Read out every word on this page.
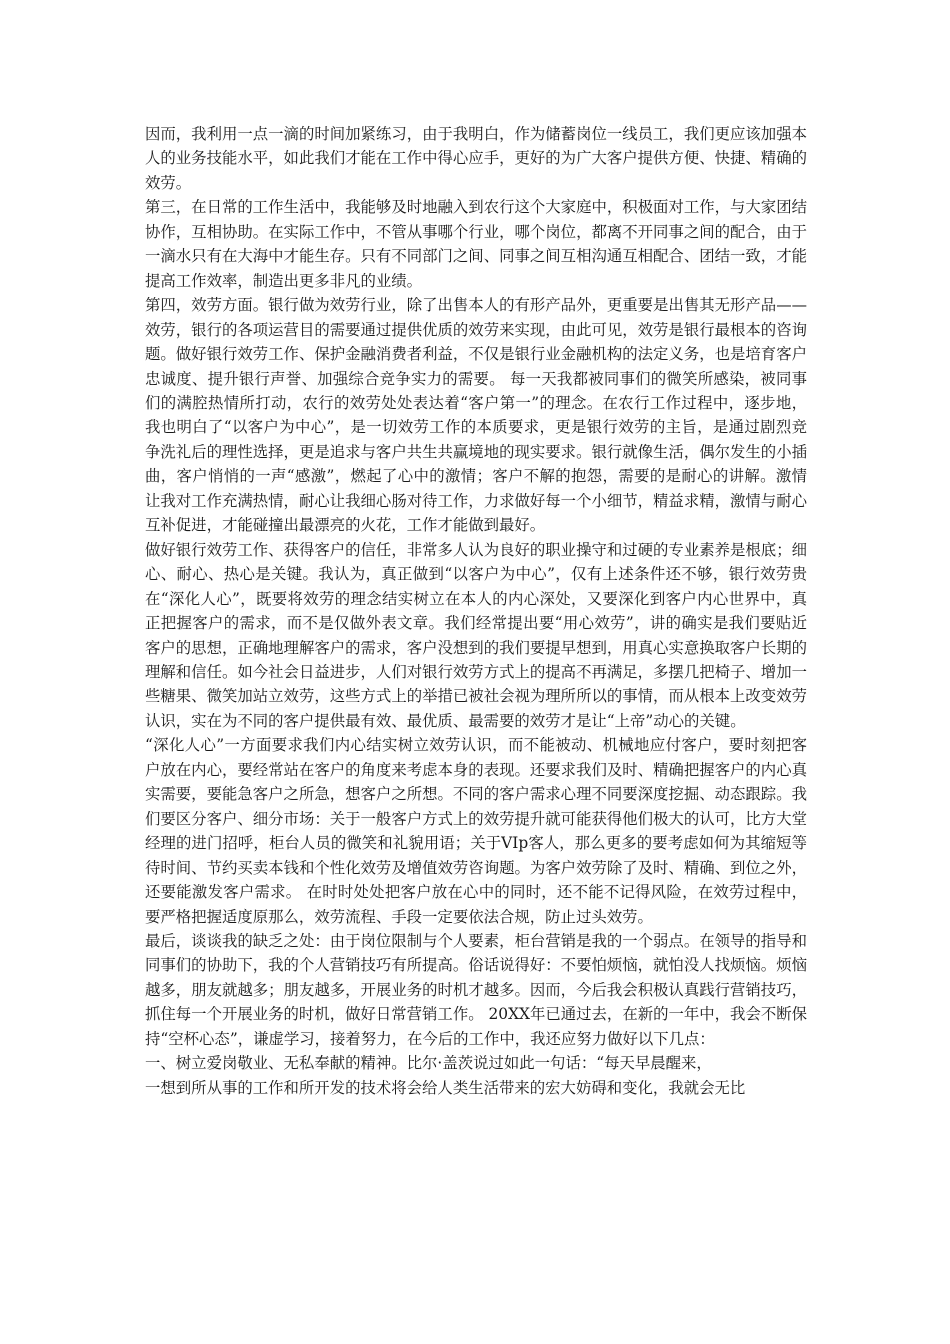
因而，我利用一点一滴的时间加紧练习，由于我明白，作为储蓄岗位一线员工，我们更应该加强本人的业务技能水平，如此我们才能在工作中得心应手，更好的为广大客户提供方便、快捷、精确的效劳。

第三，在日常的工作生活中，我能够及时地融入到农行这个大家庭中，积极面对工作，与大家团结协作，互相协助。在实际工作中，不管从事哪个行业，哪个岗位，都离不开同事之间的配合，由于一滴水只有在大海中才能生存。只有不同部门之间、同事之间互相沟通互相配合、团结一致，才能提高工作效率，制造出更多非凡的业绩。

第四，效劳方面。银行做为效劳行业，除了出售本人的有形产品外，更重要是出售其无形产品——效劳，银行的各项运营目的需要通过提供优质的效劳来实现，由此可见，效劳是银行最根本的咨询题。做好银行效劳工作、保护金融消费者利益，不仅是银行业金融机构的法定义务，也是培育客户忠诚度、提升银行声誉、加强综合竞争实力的需要。 每一天我都被同事们的微笑所感染，被同事们的满腔热情所打动，农行的效劳处处表达着“客户第一”的理念。在农行工作过程中，逐步地，我也明白了“以客户为中心”，是一切效劳工作的本质要求，更是银行效劳的主旨，是通过剧烈竞争洗礼后的理性选择，更是追求与客户共生共赢境地的现实要求。银行就像生活，偶尔发生的小插曲，客户悄悄的一声“感激”，燃起了心中的激情；客户不解的抱怨，需要的是耐心的讲解。激情让我对工作充满热情，耐心让我细心肠对待工作，力求做好每一个小细节，精益求精，激情与耐心互补促进，才能碰撞出最漂亮的火花，工作才能做到最好。

做好银行效劳工作、获得客户的信任，非常多人认为良好的职业操守和过硬的专业素养是根底；细心、耐心、热心是关键。我认为，真正做到“以客户为中心”，仅有上述条件还不够，银行效劳贵在“深化人心”，既要将效劳的理念结实树立在本人的内心深处，又要深化到客户内心世界中，真正把握客户的需求，而不是仅做外表文章。我们经常提出要“用心效劳”，讲的确实是我们要贴近客户的思想，正确地理解客户的需求，客户没想到的我们要提早想到，用真心实意换取客户长期的理解和信任。如今社会日益进步，人们对银行效劳方式上的提高不再满足，多摆几把椅子、增加一些糖果、微笑加站立效劳，这些方式上的举措已被社会视为理所所以的事情，而从根本上改变效劳认识，实在为不同的客户提供最有效、最优质、最需要的效劳才是让“上帝”动心的关键。

“深化人心”一方面要求我们内心结实树立效劳认识，而不能被动、机械地应付客户，要时刻把客户放在内心，要经常站在客户的角度来考虑本身的表现。还要求我们及时、精确把握客户的内心真实需要，要能急客户之所急，想客户之所想。不同的客户需求心理不同要深度挖掘、动态跟踪。我们要区分客户、细分市场：关于一般客户方式上的效劳提升就可能获得他们极大的认可，比方大堂经理的进门招呼，柜台人员的微笑和礼貌用语；关于VIp客人，那么更多的要考虑如何为其缩短等待时间、节约买卖本钱和个性化效劳及增值效劳咨询题。为客户效劳除了及时、精确、到位之外，还要能激发客户需求。 在时时处处把客户放在心中的同时，还不能不记得风险，在效劳过程中，要严格把握适度原那么，效劳流程、手段一定要依法合规，防止过头效劳。

最后，谈谈我的缺乏之处：由于岗位限制与个人要素，柜台营销是我的一个弱点。在领导的指导和同事们的协助下，我的个人营销技巧有所提高。俗话说得好：不要怕烦恼，就怕没人找烦恼。烦恼越多，朋友就越多；朋友越多，开展业务的时机才越多。因而，今后我会积极认真践行营销技巧，抓住每一个开展业务的时机，做好日常营销工作。 20XX年已通过去，在新的一年中，我会不断保持“空杯心态”，谦虚学习，接着努力，在今后的工作中，我还应努力做好以下几点：

一、树立爱岗敬业、无私奉献的精神。比尔·盖茨说过如此一句话：“每天早晨醒来，

一想到所从事的工作和所开发的技术将会给人类生活带来的宏大妨碍和变化，我就会无比
